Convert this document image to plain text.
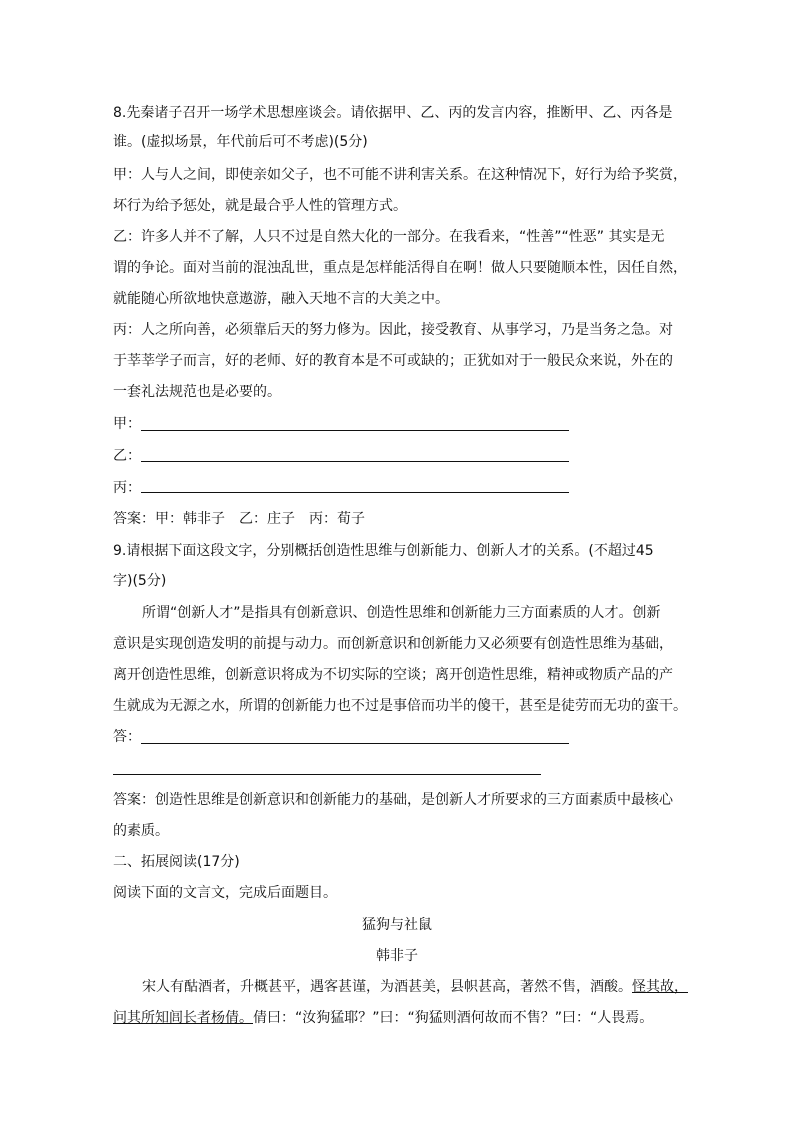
8.先秦诸子召开一场学术思想座谈会。请依据甲、乙、丙的发言内容，推断甲、乙、丙各是
谁。(虚拟场景，年代前后可不考虑)(5分)
甲：人与人之间，即使亲如父子，也不可能不讲利害关系。在这种情况下，好行为给予奖赏，
坏行为给予惩处，就是最合乎人性的管理方式。
乙：许多人并不了解，人只不过是自然大化的一部分。在我看来，“性善”“性恶” 其实是无
谓的争论。面对当前的混浊乱世，重点是怎样能活得自在啊！做人只要随顺本性，因任自然，
就能随心所欲地快意遨游，融入天地不言的大美之中。
丙：人之所向善，必须靠后天的努力修为。因此，接受教育、从事学习，乃是当务之急。对
于莘莘学子而言，好的老师、好的教育本是不可或缺的；正犹如对于一般民众来说，外在的
一套礼法规范也是必要的。
甲：
乙：
丙：
答案：甲：韩非子　乙：庄子　丙：荀子
9.请根据下面这段文字，分别概括创造性思维与创新能力、创新人才的关系。(不超过45
字)(5分)
所谓“创新人才”是指具有创新意识、创造性思维和创新能力三方面素质的人才。创新
意识是实现创造发明的前提与动力。而创新意识和创新能力又必须要有创造性思维为基础，
离开创造性思维，创新意识将成为不切实际的空谈；离开创造性思维，精神或物质产品的产
生就成为无源之水，所谓的创新能力也不过是事倍而功半的傻干，甚至是徒劳而无功的蛮干。
答：
答案：创造性思维是创新意识和创新能力的基础，是创新人才所要求的三方面素质中最核心
的素质。
二、拓展阅读(17分)
阅读下面的文言文，完成后面题目。
猛狗与社鼠
韩非子
宋人有酤酒者，升概甚平，遇客甚谨，为酒甚美，县帜甚高，著然不售，酒酸。怪其故，
问其所知闾长者杨倩。倩曰：“汝狗猛耶？”曰：“狗猛则酒何故而不售？”曰：“人畏焉。
